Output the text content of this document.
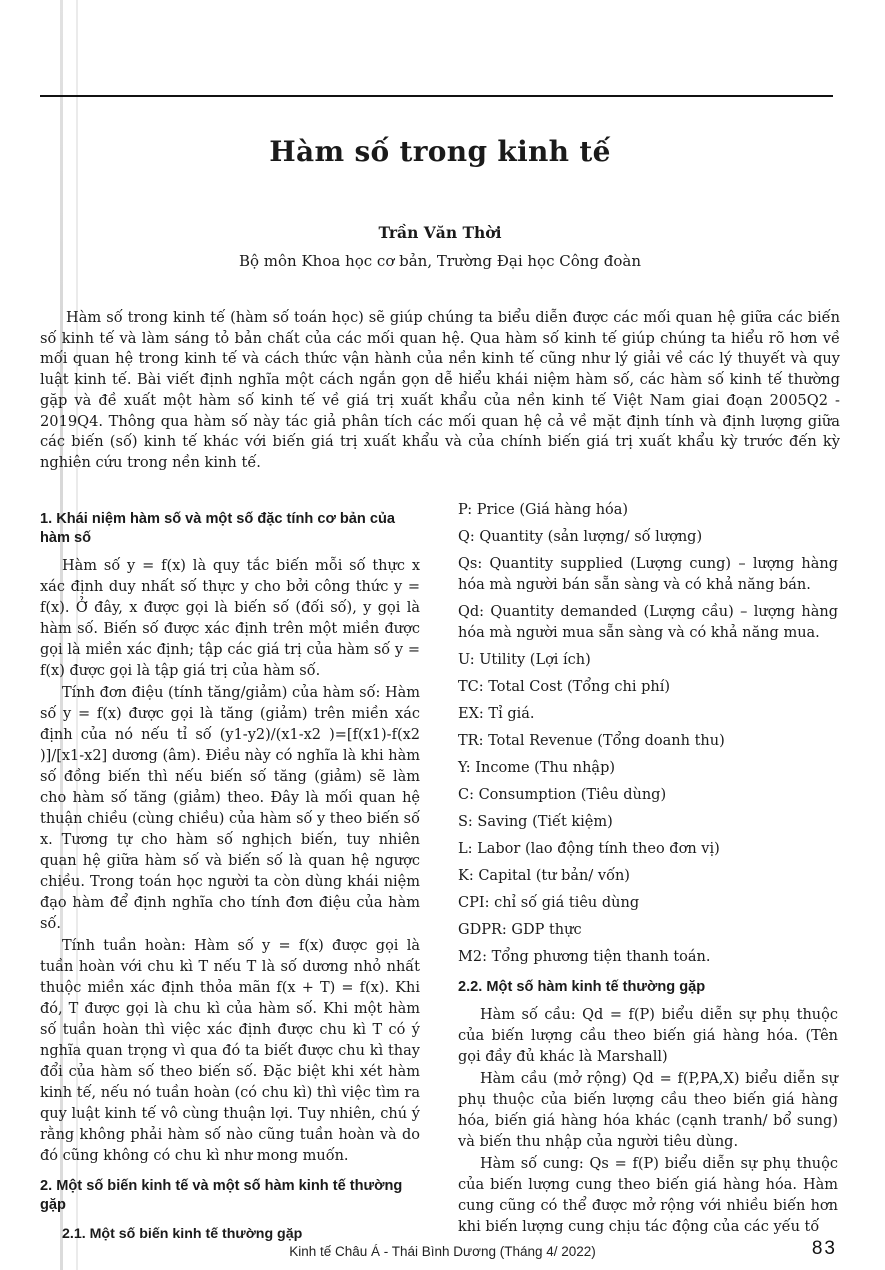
Hàm số trong kinh tế
Trần Văn Thời
Bộ môn Khoa học cơ bản, Trường Đại học Công đoàn

Hàm số trong kinh tế (hàm số toán học) sẽ giúp chúng ta biểu diễn được các mối quan hệ giữa các biến số kinh tế và làm sáng tỏ bản chất của các mối quan hệ. Qua hàm số kinh tế giúp chúng ta hiểu rõ hơn về mối quan hệ trong kinh tế và cách thức vận hành của nền kinh tế cũng như lý giải về các lý thuyết và quy luật kinh tế. Bài viết định nghĩa một cách ngắn gọn dễ hiểu khái niệm hàm số, các hàm số kinh tế thường gặp và đề xuất một hàm số kinh tế về giá trị xuất khẩu của nền kinh tế Việt Nam giai đoạn 2005Q2 - 2019Q4. Thông qua hàm số này tác giả phân tích các mối quan hệ cả về mặt định tính và định lượng giữa các biến (số) kinh tế khác với biến giá trị xuất khẩu và của chính biến giá trị xuất khẩu kỳ trước đến kỳ nghiên cứu trong nền kinh tế.

1. Khái niệm hàm số và một số đặc tính cơ bản của hàm số

Hàm số y = f(x) là quy tắc biến mỗi số thực x xác định duy nhất số thực y cho bởi công thức y = f(x). Ở đây, x được gọi là biến số (đối số), y gọi là hàm số. Biến số được xác định trên một miền được gọi là miền xác định; tập các giá trị của hàm số y = f(x) được gọi là tập giá trị của hàm số.

Tính đơn điệu (tính tăng/giảm) của hàm số: Hàm số y = f(x) được gọi là tăng (giảm) trên miền xác định của nó nếu tỉ số (y1-y2)/(x1-x2 )=[f(x1)-f(x2 )]/[x1-x2] dương (âm). Điều này có nghĩa là khi hàm số đồng biến thì nếu biến số tăng (giảm) sẽ làm cho hàm số tăng (giảm) theo. Đây là mối quan hệ thuận chiều (cùng chiều) của hàm số y theo biến số x. Tương tự cho hàm số nghịch biến, tuy nhiên quan hệ giữa hàm số và biến số là quan hệ ngược chiều. Trong toán học người ta còn dùng khái niệm đạo hàm để định nghĩa cho tính đơn điệu của hàm số.

Tính tuần hoàn: Hàm số y = f(x) được gọi là tuần hoàn với chu kì T nếu T là số dương nhỏ nhất thuộc miền xác định thỏa mãn f(x + T) = f(x). Khi đó, T được gọi là chu kì của hàm số. Khi một hàm số tuần hoàn thì việc xác định được chu kì T có ý nghĩa quan trọng vì qua đó ta biết được chu kì thay đổi của hàm số theo biến số. Đặc biệt khi xét hàm kinh tế, nếu nó tuần hoàn (có chu kì) thì việc tìm ra quy luật kinh tế vô cùng thuận lợi. Tuy nhiên, chú ý rằng không phải hàm số nào cũng tuần hoàn và do đó cũng không có chu kì như mong muốn.

2. Một số biến kinh tế và một số hàm kinh tế thường gặp
2.1. Một số biến kinh tế thường gặp

P: Price (Giá hàng hóa)

Q: Quantity (sản lượng/ số lượng)

Qs: Quantity supplied (Lượng cung) – lượng hàng hóa mà người bán sẵn sàng và có khả năng bán.

Qd: Quantity demanded (Lượng cầu) – lượng hàng hóa mà người mua sẵn sàng và có khả năng mua.

U: Utility (Lợi ích)

TC: Total Cost (Tổng chi phí)

EX: Tỉ giá.

TR: Total Revenue (Tổng doanh thu)

Y: Income (Thu nhập)

C: Consumption (Tiêu dùng)

S: Saving (Tiết kiệm)

L: Labor (lao động tính theo đơn vị)

K: Capital (tư bản/ vốn)

CPI: chỉ số giá tiêu dùng

GDPR: GDP thực

M2: Tổng phương tiện thanh toán.

2.2. Một số hàm kinh tế thường gặp

Hàm số cầu: Qd = f(P) biểu diễn sự phụ thuộc của biến lượng cầu theo biến giá hàng hóa. (Tên gọi đầy đủ khác là Marshall)

Hàm cầu (mở rộng) Qd = f(P,PA,X) biểu diễn sự phụ thuộc của biến lượng cầu theo biến giá hàng hóa, biến giá hàng hóa khác (cạnh tranh/ bổ sung) và biến thu nhập của người tiêu dùng.

Hàm số cung: Qs = f(P) biểu diễn sự phụ thuộc của biến lượng cung theo biến giá hàng hóa. Hàm cung cũng có thể được mở rộng với nhiều biến hơn khi biến lượng cung chịu tác động của các yếu tố

Kinh tế Châu Á - Thái Bình Dương (Tháng 4/ 2022)	83
